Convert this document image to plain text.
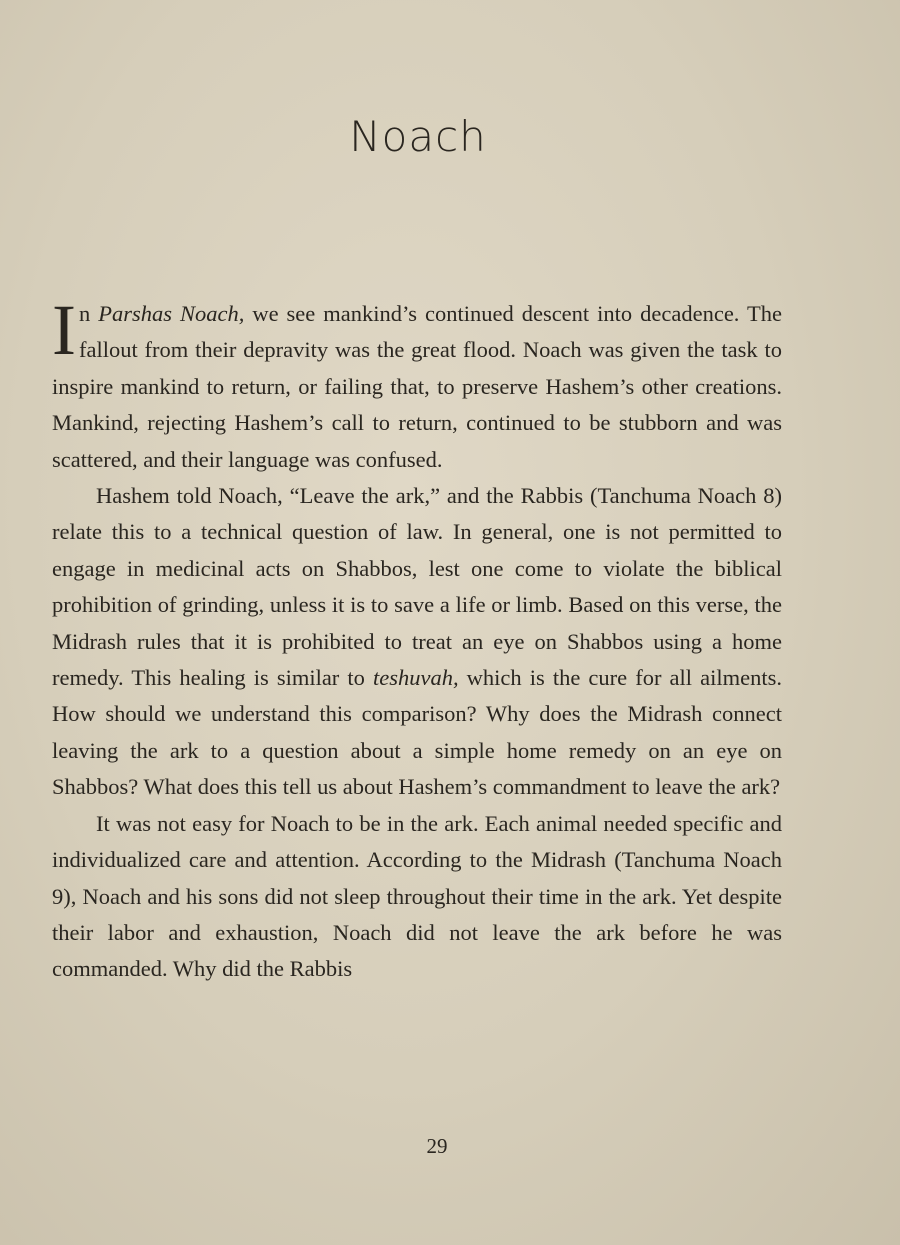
Noach

In Parshas Noach, we see mankind’s continued descent into decadence. The fallout from their depravity was the great flood. Noach was given the task to inspire mankind to return, or failing that, to preserve Hashem’s other creations. Mankind, rejecting Hashem’s call to return, continued to be stubborn and was scattered, and their language was confused.

Hashem told Noach, “Leave the ark,” and the Rabbis (Tanchuma Noach 8) relate this to a technical question of law. In general, one is not permitted to engage in medicinal acts on Shabbos, lest one come to violate the biblical prohibition of grinding, unless it is to save a life or limb. Based on this verse, the Midrash rules that it is prohibited to treat an eye on Shabbos using a home remedy. This healing is similar to teshuvah, which is the cure for all ailments. How should we understand this comparison? Why does the Midrash connect leaving the ark to a question about a simple home remedy on an eye on Shabbos? What does this tell us about Hashem’s commandment to leave the ark?

It was not easy for Noach to be in the ark. Each animal needed specific and individualized care and attention. According to the Midrash (Tanchuma Noach 9), Noach and his sons did not sleep throughout their time in the ark. Yet despite their labor and exhaustion, Noach did not leave the ark before he was commanded. Why did the Rabbis

29
